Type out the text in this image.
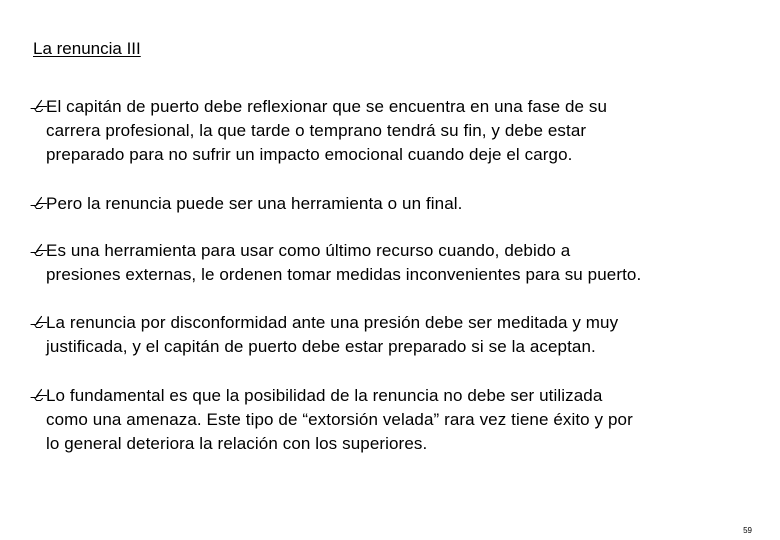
La renuncia III
El capitán de puerto debe reflexionar que se encuentra en una fase de su
carrera profesional, la que tarde o temprano tendrá su fin, y debe estar
preparado para no sufrir un impacto emocional cuando deje el cargo.
Pero la renuncia puede ser una herramienta o un final.
Es una herramienta para usar como último recurso cuando, debido a
presiones externas, le ordenen tomar medidas inconvenientes para su puerto.
La renuncia por disconformidad ante una presión debe ser meditada y muy
justificada, y el capitán de puerto debe estar preparado si se la aceptan.
Lo fundamental es que la posibilidad de la renuncia no debe ser utilizada
como una amenaza. Este tipo de “extorsión velada” rara vez tiene éxito y por
lo general deteriora la relación con los superiores.
59
